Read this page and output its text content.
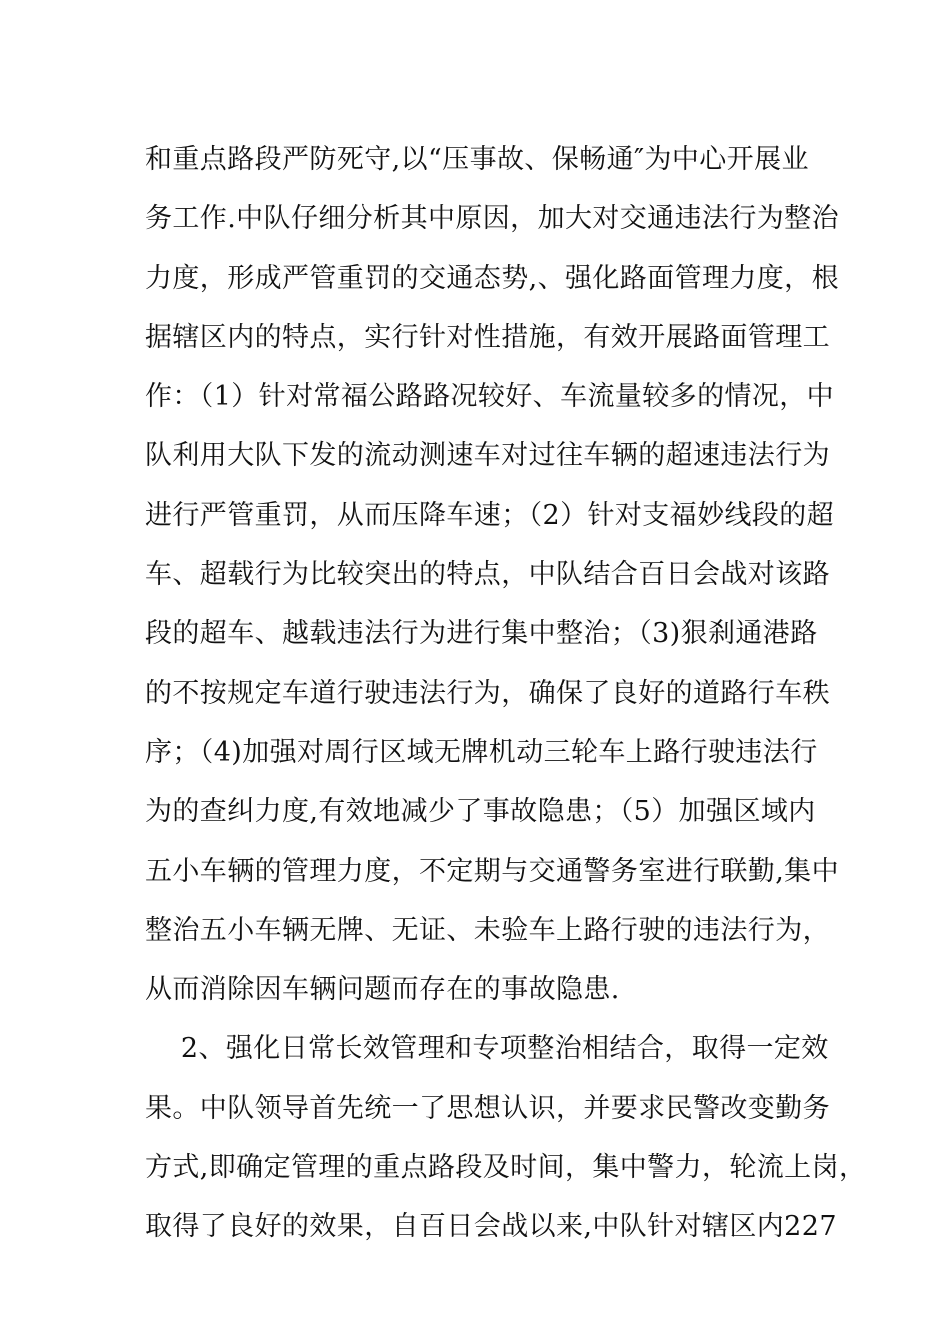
和重点路段严防死守,以“压事故、保畅通″为中心开展业
务工作.中队仔细分析其中原因，加大对交通违法行为整治
力度，形成严管重罚的交通态势,、强化路面管理力度，根
据辖区内的特点，实行针对性措施，有效开展路面管理工
作：（1）针对常福公路路况较好、车流量较多的情况，中
队利用大队下发的流动测速车对过往车辆的超速违法行为
进行严管重罚，从而压降车速；（2）针对支福妙线段的超
车、超载行为比较突出的特点，中队结合百日会战对该路
段的超车、越载违法行为进行集中整治；（3)狠刹通港路
的不按规定车道行驶违法行为，确保了良好的道路行车秩
序；（4)加强对周行区域无牌机动三轮车上路行驶违法行
为的查纠力度,有效地减少了事故隐患；（5）加强区域内
五小车辆的管理力度，不定期与交通警务室进行联勤,集中
整治五小车辆无牌、无证、未验车上路行驶的违法行为，
从而消除因车辆问题而存在的事故隐患.
2、强化日常长效管理和专项整治相结合，取得一定效
果。中队领导首先统一了思想认识，并要求民警改变勤务
方式,即确定管理的重点路段及时间，集中警力，轮流上岗，
取得了良好的效果，自百日会战以来,中队针对辖区内227
